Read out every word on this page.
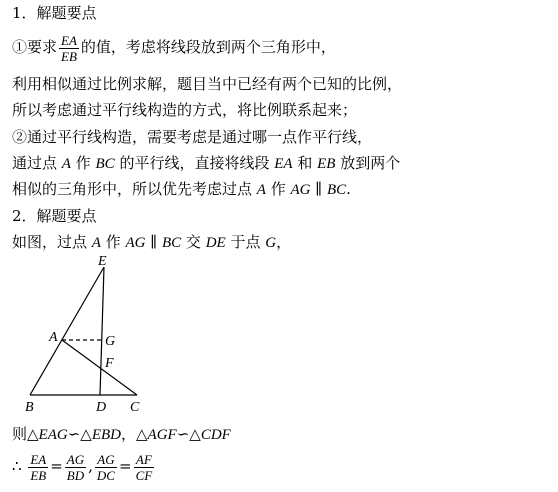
1．解题要点
①要求 $\frac{EA}{EB}$ 的值，考虑将线段放到两个三角形中，
利用相似通过比例求解，题目当中已经有两个已知的比例，
所以考虑通过平行线构造的方式，将比例联系起来；
②通过平行线构造，需要考虑是通过哪一点作平行线，
通过点 A 作 BC 的平行线，直接将线段 EA 和 EB 放到两个
相似的三角形中，所以优先考虑过点 A 作 AG ∥ BC.
2．解题要点
如图，过点 A 作 AG ∥ BC 交 DE 于点 G，
E
A	G
F
B	D C
则△EAG∽△EBD，△AGF∽△CDF
∴ $\frac{EA}{EB} = \frac{AG}{BD}$ , $\frac{AG}{DC} = \frac{AF}{CF}$
